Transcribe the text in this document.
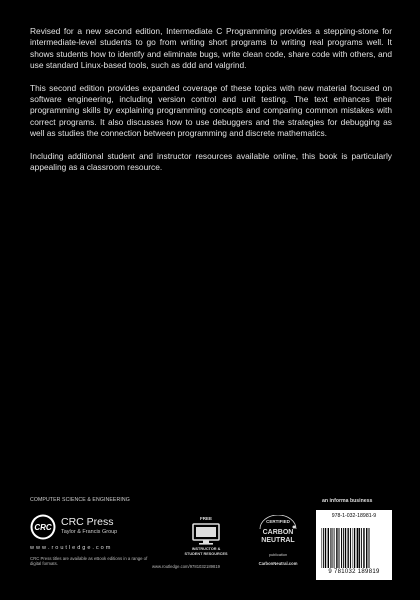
Revised for a new second edition, Intermediate C Programming provides a stepping-stone for intermediate-level students to go from writing short programs to writing real programs well. It shows students how to identify and eliminate bugs, write clean code, share code with others, and use standard Linux-based tools, such as ddd and valgrind.

This second edition provides expanded coverage of these topics with new material focused on software engineering, including version control and unit testing. The text enhances their programming skills by explaining programming concepts and comparing common mistakes with correct programs. It also discusses how to use debuggers and the strategies for debugging as well as studies the connection between programming and discrete mathematics.

Including additional student and instructor resources available online, this book is particularly appealing as a classroom resource.

COMPUTER SCIENCE & ENGINEERING
CRC CRC Press
Taylor & Francis Group
w w w . r o u t l e d g e . c o m
CRC Press titles are available as eBook editions in a range of digital formats.
FREE
INSTRUCTOR & STUDENT RESOURCES
www.routledge.com/9781032189819
CERTIFIED
CARBON
NEUTRAL
publication
CarbonNeutral.com
an informa business
978-1-032-18981-9
9 781032 189819
